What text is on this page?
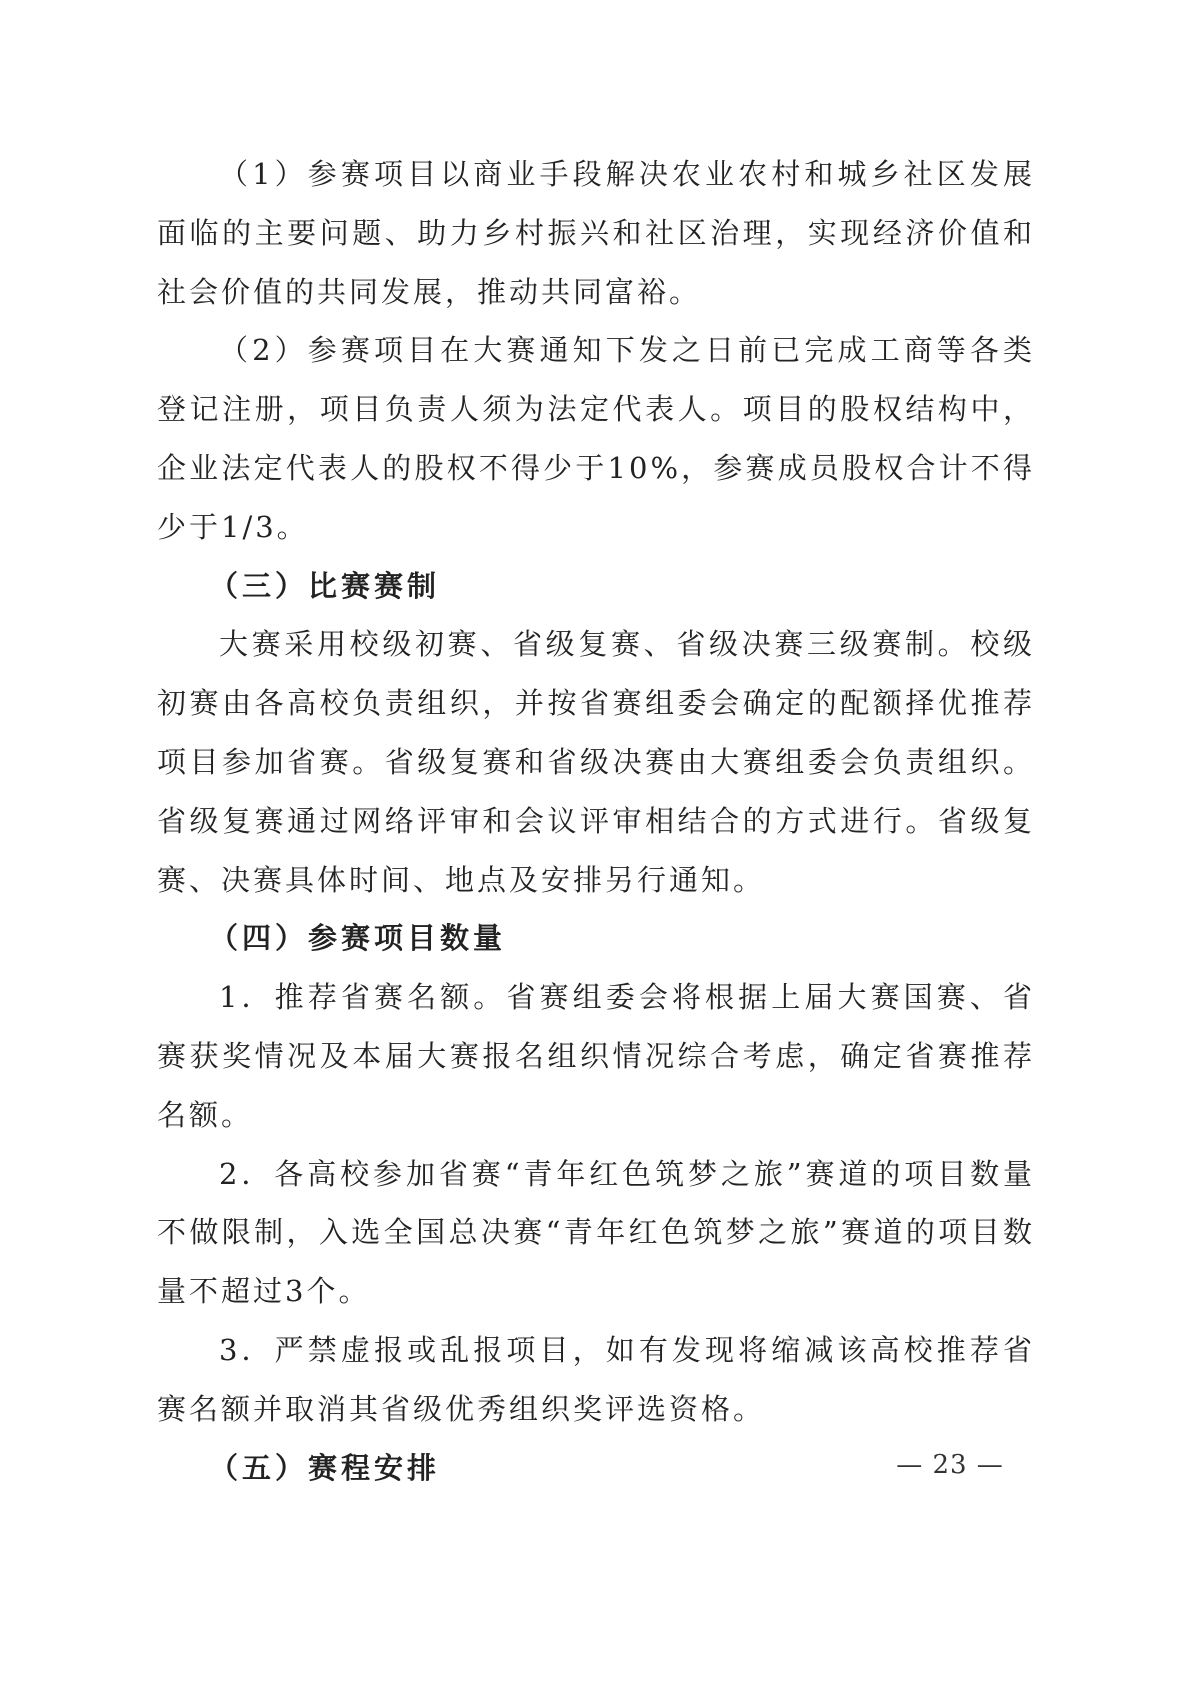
（1）参赛项目以商业手段解决农业农村和城乡社区发展面临的主要问题、助力乡村振兴和社区治理，实现经济价值和社会价值的共同发展，推动共同富裕。

（2）参赛项目在大赛通知下发之日前已完成工商等各类登记注册，项目负责人须为法定代表人。项目的股权结构中，企业法定代表人的股权不得少于10%，参赛成员股权合计不得少于1/3。

（三）比赛赛制

大赛采用校级初赛、省级复赛、省级决赛三级赛制。校级初赛由各高校负责组织，并按省赛组委会确定的配额择优推荐项目参加省赛。省级复赛和省级决赛由大赛组委会负责组织。省级复赛通过网络评审和会议评审相结合的方式进行。省级复赛、决赛具体时间、地点及安排另行通知。

（四）参赛项目数量

1．推荐省赛名额。省赛组委会将根据上届大赛国赛、省赛获奖情况及本届大赛报名组织情况综合考虑，确定省赛推荐名额。

2．各高校参加省赛“青年红色筑梦之旅”赛道的项目数量不做限制，入选全国总决赛“青年红色筑梦之旅”赛道的项目数量不超过3个。

3．严禁虚报或乱报项目，如有发现将缩减该高校推荐省赛名额并取消其省级优秀组织奖评选资格。

（五）赛程安排	— 23 —
